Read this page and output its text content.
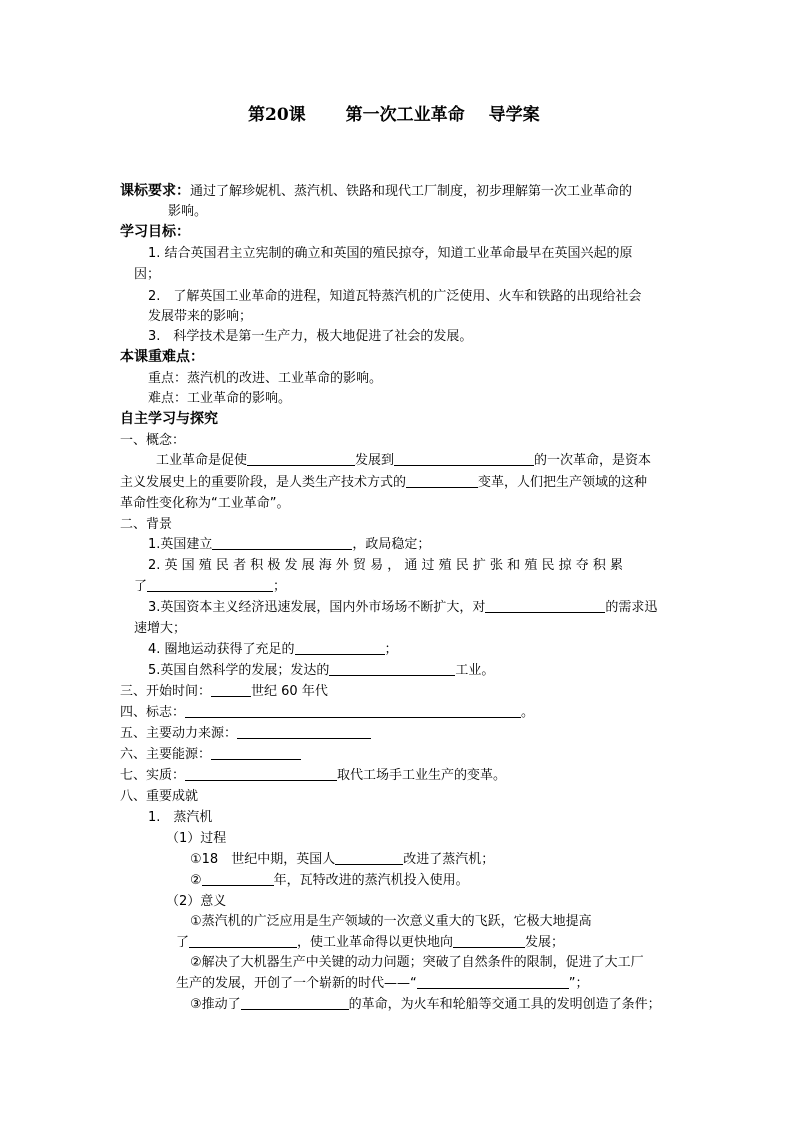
第20课 第一次工业革命 导学案
课标要求：通过了解珍妮机、蒸汽机、铁路和现代工厂制度，初步理解第一次工业革命的
影响。
学习目标：
1. 结合英国君主立宪制的确立和英国的殖民掠夺，知道工业革命最早在英国兴起的原
因；
2.　了解英国工业革命的进程，知道瓦特蒸汽机的广泛使用、火车和铁路的出现给社会
发展带来的影响；
3.　科学技术是第一生产力，极大地促进了社会的发展。
本课重难点：
重点：蒸汽机的改进、工业革命的影响。
难点：工业革命的影响。
自主学习与探究
一、概念：
工业革命是促使	发展到	的一次革命，是资本
主义发展史上的重要阶段，是人类生产技术方式的	变革，人们把生产领域的这种
革命性变化称为“工业革命”。
二、背景
1.英国建立	，政局稳定；
2. 英 国 殖 民 者 积 极 发 展 海 外 贸 易 ， 通 过 殖 民 扩 张 和 殖 民 掠 夺 积 累
了	；
3.英国资本主义经济迅速发展，国内外市场场不断扩大，对	的需求迅
速增大；
4. 圈地运动获得了充足的	；
5.英国自然科学的发展；发达的	工业。
三、开始时间：	世纪 60 年代
四、标志：	。
五、主要动力来源：
六、主要能源：
七、实质：	取代工场手工业生产的变革。
八、重要成就
1.　蒸汽机
（1）过程
①18　世纪中期，英国人	改进了蒸汽机；
②	年，瓦特改进的蒸汽机投入使用。
（2）意义
①蒸汽机的广泛应用是生产领域的一次意义重大的飞跃，它极大地提高
了	，使工业革命得以更快地向	发展；
②解决了大机器生产中关键的动力问题；突破了自然条件的限制，促进了大工厂
生产的发展，开创了一个崭新的时代——“	”；
③推动了	的革命，为火车和轮船等交通工具的发明创造了条件；
